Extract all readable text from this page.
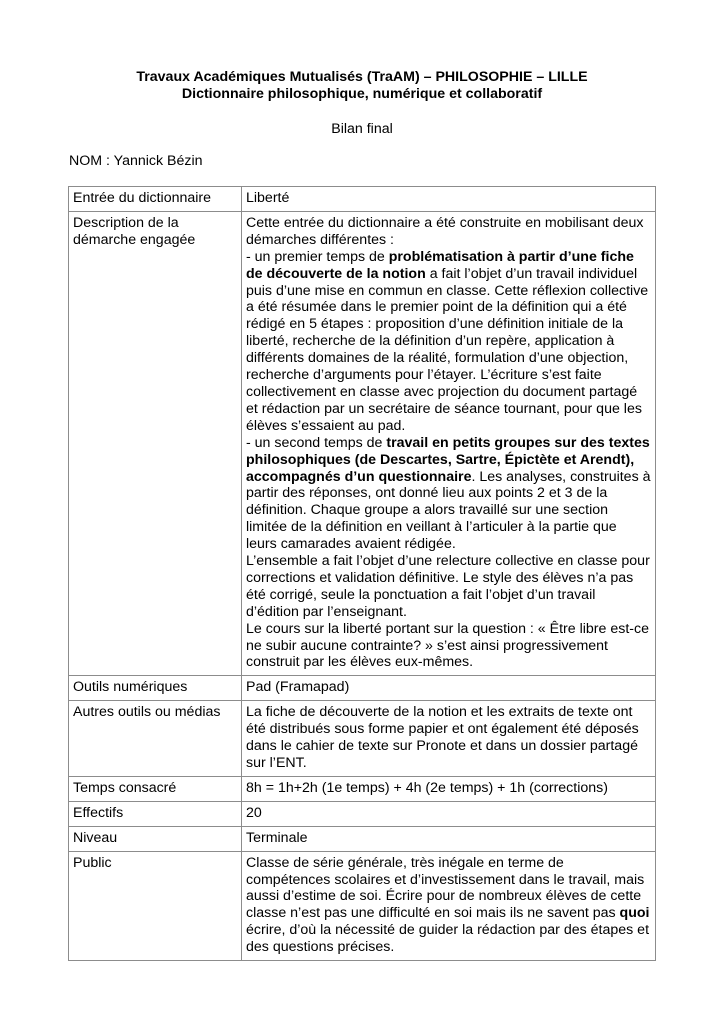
Travaux Académiques Mutualisés (TraAM) – PHILOSOPHIE – LILLE
Dictionnaire philosophique, numérique et collaboratif
Bilan final
NOM : Yannick Bézin
Entrée du dictionnaire	Liberté
Description de la démarche engagée	Cette entrée du dictionnaire a été construite en mobilisant deux démarches différentes :
- un premier temps de problématisation à partir d’une fiche de découverte de la notion a fait l’objet d’un travail individuel puis d’une mise en commun en classe. Cette réflexion collective a été résumée dans le premier point de la définition qui a été rédigé en 5 étapes : proposition d’une définition initiale de la liberté, recherche de la définition d’un repère, application à différents domaines de la réalité, formulation d’une objection, recherche d’arguments pour l’étayer. L’écriture s’est faite collectivement en classe avec projection du document partagé et rédaction par un secrétaire de séance tournant, pour que les élèves s’essaient au pad.
- un second temps de travail en petits groupes sur des textes philosophiques (de Descartes, Sartre, Épictète et Arendt), accompagnés d’un questionnaire. Les analyses, construites à partir des réponses, ont donné lieu aux points 2 et 3 de la définition. Chaque groupe a alors travaillé sur une section limitée de la définition en veillant à l’articuler à la partie que leurs camarades avaient rédigée.
L’ensemble a fait l’objet d’une relecture collective en classe pour corrections et validation définitive. Le style des élèves n’a pas été corrigé, seule la ponctuation a fait l’objet d’un travail d’édition par l’enseignant.
Le cours sur la liberté portant sur la question : « Être libre est-ce ne subir aucune contrainte? » s’est ainsi progressivement construit par les élèves eux-mêmes.

Outils numériques	Pad (Framapad)
Autres outils ou médias	La fiche de découverte de la notion et les extraits de texte ont été distribués sous forme papier et ont également été déposés dans le cahier de texte sur Pronote et dans un dossier partagé sur l’ENT.
Temps consacré	8h = 1h+2h (1e temps) + 4h (2e temps) + 1h (corrections)
Effectifs	20
Niveau	Terminale
Public	Classe de série générale, très inégale en terme de compétences scolaires et d’investissement dans le travail, mais aussi d’estime de soi. Écrire pour de nombreux élèves de cette classe n’est pas une difficulté en soi mais ils ne savent pas quoi écrire, d’où la nécessité de guider la rédaction par des étapes et des questions précises.
